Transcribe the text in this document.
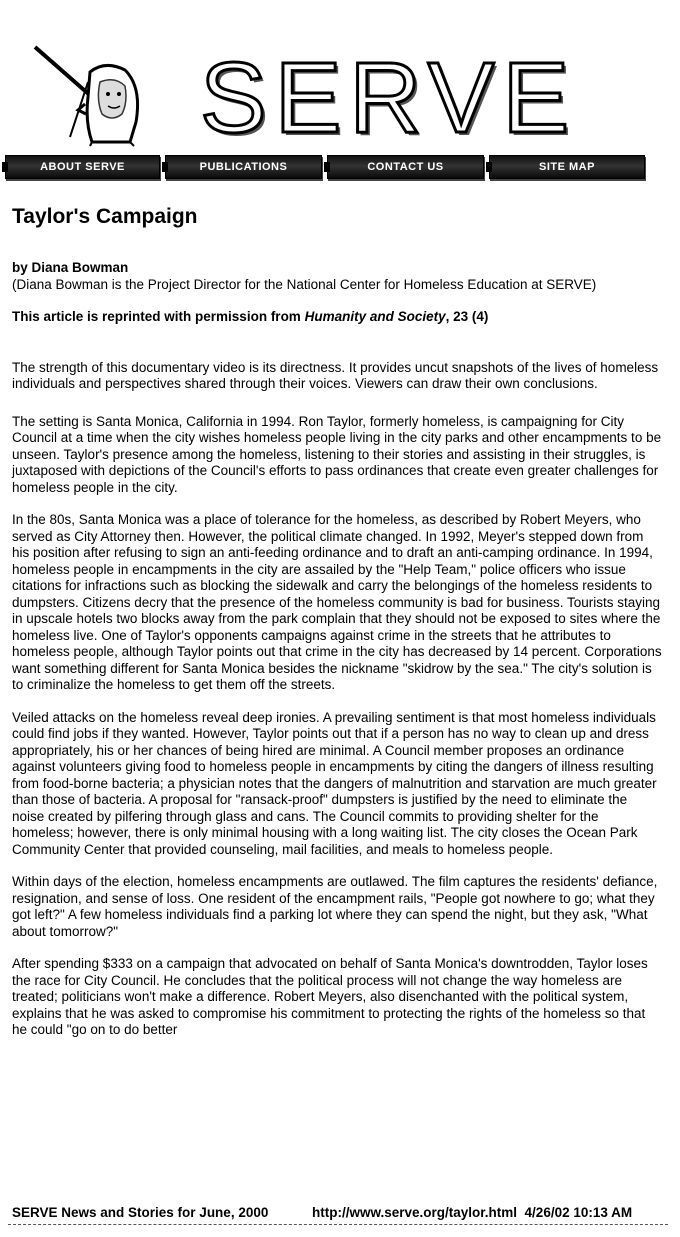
SERVE
ABOUT SERVE	PUBLICATIONS	CONTACT US	SITE MAP
Taylor's Campaign
by Diana Bowman
(Diana Bowman is the Project Director for the National Center for Homeless Education at SERVE)

This article is reprinted with permission from Humanity and Society, 23 (4)

The strength of this documentary video is its directness. It provides uncut snapshots of the lives of homeless individuals and perspectives shared through their voices. Viewers can draw their own conclusions.

The setting is Santa Monica, California in 1994. Ron Taylor, formerly homeless, is campaigning for City Council at a time when the city wishes homeless people living in the city parks and other encampments to be unseen. Taylor's presence among the homeless, listening to their stories and assisting in their struggles, is juxtaposed with depictions of the Council's efforts to pass ordinances that create even greater challenges for homeless people in the city.

In the 80s, Santa Monica was a place of tolerance for the homeless, as described by Robert Meyers, who served as City Attorney then. However, the political climate changed. In 1992, Meyer's stepped down from his position after refusing to sign an anti-feeding ordinance and to draft an anti-camping ordinance. In 1994, homeless people in encampments in the city are assailed by the "Help Team," police officers who issue citations for infractions such as blocking the sidewalk and carry the belongings of the homeless residents to dumpsters. Citizens decry that the presence of the homeless community is bad for business. Tourists staying in upscale hotels two blocks away from the park complain that they should not be exposed to sites where the homeless live. One of Taylor's opponents campaigns against crime in the streets that he attributes to homeless people, although Taylor points out that crime in the city has decreased by 14 percent. Corporations want something different for Santa Monica besides the nickname "skidrow by the sea." The city's solution is to criminalize the homeless to get them off the streets.

Veiled attacks on the homeless reveal deep ironies. A prevailing sentiment is that most homeless individuals could find jobs if they wanted. However, Taylor points out that if a person has no way to clean up and dress appropriately, his or her chances of being hired are minimal. A Council member proposes an ordinance against volunteers giving food to homeless people in encampments by citing the dangers of illness resulting from food-borne bacteria; a physician notes that the dangers of malnutrition and starvation are much greater than those of bacteria. A proposal for "ransack-proof" dumpsters is justified by the need to eliminate the noise created by pilfering through glass and cans. The Council commits to providing shelter for the homeless; however, there is only minimal housing with a long waiting list. The city closes the Ocean Park Community Center that provided counseling, mail facilities, and meals to homeless people.

Within days of the election, homeless encampments are outlawed. The film captures the residents' defiance, resignation, and sense of loss. One resident of the encampment rails, "People got nowhere to go; what they got left?" A few homeless individuals find a parking lot where they can spend the night, but they ask, "What about tomorrow?"

After spending $333 on a campaign that advocated on behalf of Santa Monica's downtrodden, Taylor loses the race for City Council. He concludes that the political process will not change the way homeless are treated; politicians won't make a difference. Robert Meyers, also disenchanted with the political system, explains that he was asked to compromise his commitment to protecting the rights of the homeless so that he could "go on to do better

SERVE News and Stories for June, 2000	http://www.serve.org/taylor.html 4/26/02 10:13 AM
